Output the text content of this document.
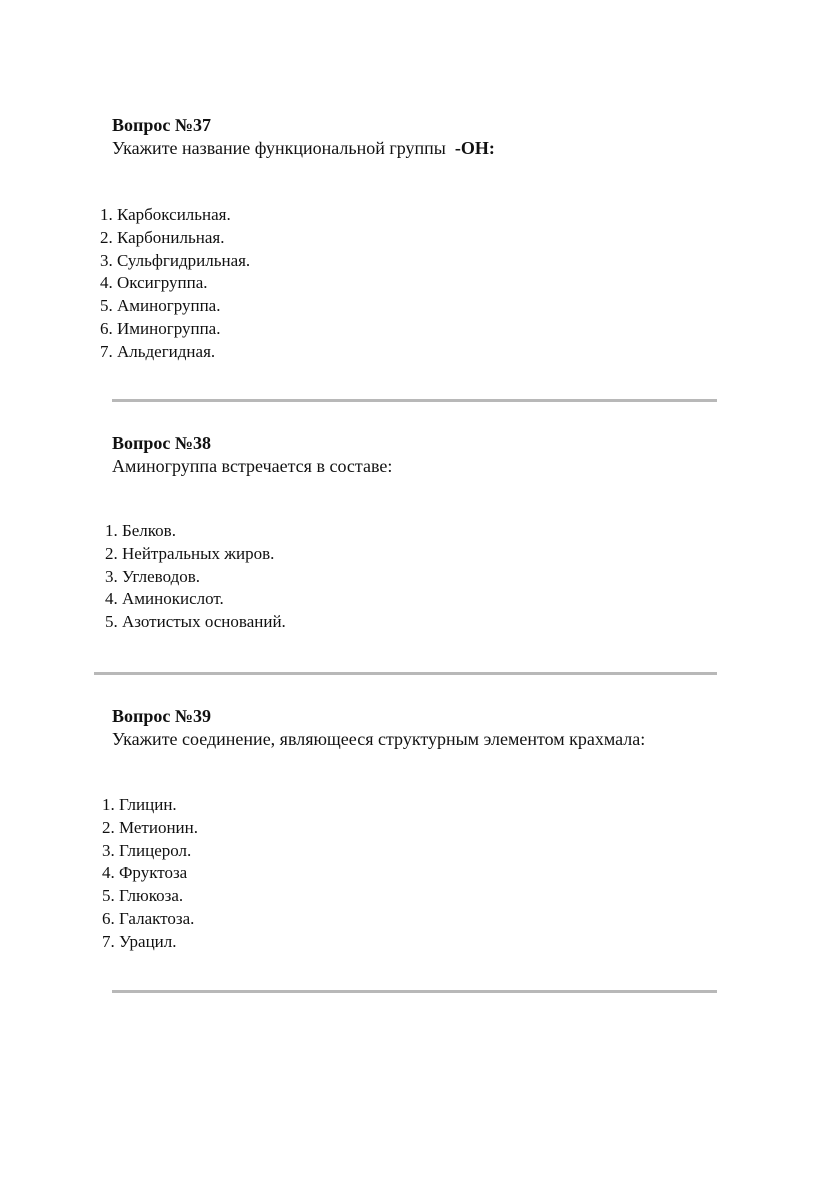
Вопрос №37
Укажите название функциональной группы -OH:
1. Карбоксильная.
2. Карбонильная.
3. Сульфгидрильная.
4. Оксигруппа.
5. Аминогруппа.
6. Иминогруппа.
7. Альдегидная.
Вопрос №38
Аминогруппа встречается в составе:
1. Белков.
2. Нейтральных жиров.
3. Углеводов.
4. Аминокислот.
5. Азотистых оснований.
Вопрос №39
Укажите соединение, являющееся структурным элементом крахмала:
1. Глицин.
2. Метионин.
3. Глицерол.
4. Фруктоза
5. Глюкоза.
6. Галактоза.
7. Урацил.
